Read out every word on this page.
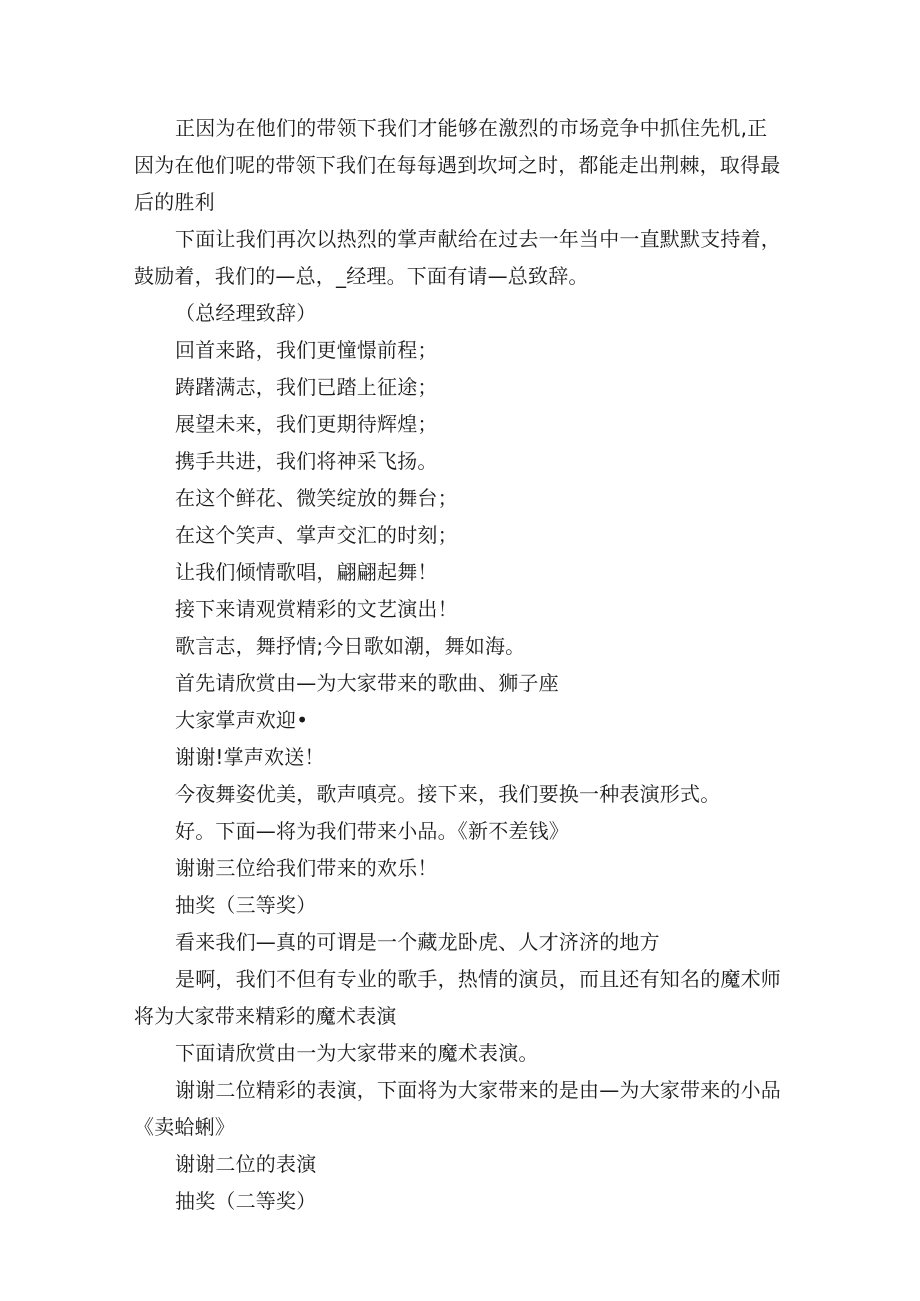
正因为在他们的带领下我们才能够在激烈的市场竞争中抓住先机,正因为在他们呢的带领下我们在每每遇到坎坷之时，都能走出荆棘，取得最后的胜利

下面让我们再次以热烈的掌声献给在过去一年当中一直默默支持着，鼓励着，我们的—总，_经理。下面有请—总致辞。

（总经理致辞）

回首来路，我们更憧憬前程；

踌躇满志，我们已踏上征途；

展望未来，我们更期待辉煌；

携手共进，我们将神采飞扬。

在这个鲜花、微笑绽放的舞台；

在这个笑声、掌声交汇的时刻；

让我们倾情歌唱，翩翩起舞！

接下来请观赏精彩的文艺演出！

歌言志，舞抒情;今日歌如潮，舞如海。

首先请欣赏由—为大家带来的歌曲、狮子座

大家掌声欢迎•

谢谢!掌声欢送！

今夜舞姿优美，歌声嗔亮。接下来，我们要换一种表演形式。

好。下面—将为我们带来小品。《新不差钱》

谢谢三位给我们带来的欢乐！

抽奖（三等奖）

看来我们—真的可谓是一个藏龙卧虎、人才济济的地方

是啊，我们不但有专业的歌手，热情的演员，而且还有知名的魔术师将为大家带来精彩的魔术表演

下面请欣赏由一为大家带来的魔术表演。

谢谢二位精彩的表演，下面将为大家带来的是由—为大家带来的小品《卖蛤蜊》

谢谢二位的表演

抽奖（二等奖）
